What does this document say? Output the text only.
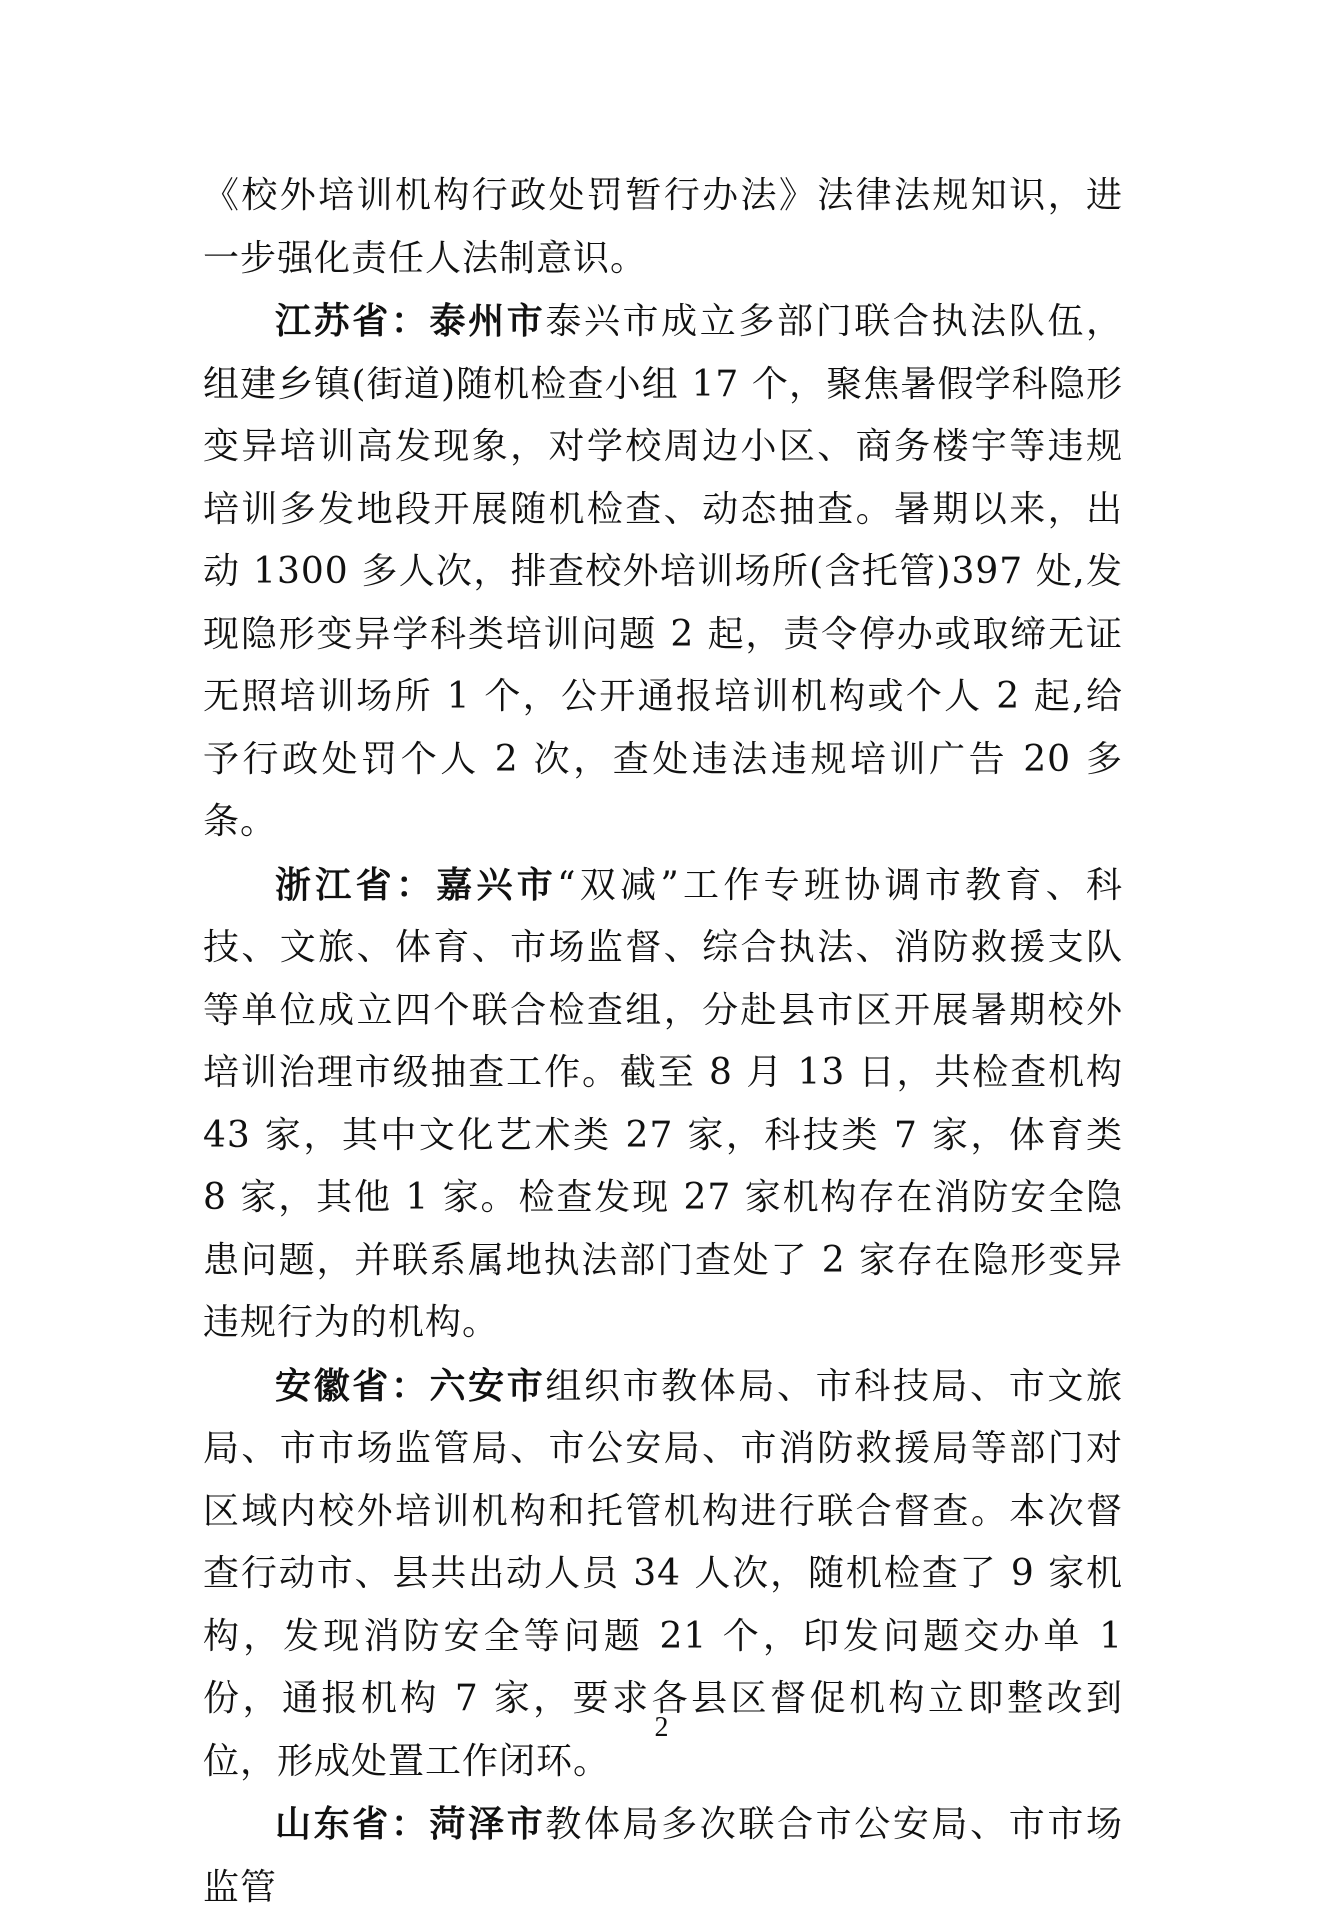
《校外培训机构行政处罚暂行办法》法律法规知识，进一步强化责任人法制意识。

江苏省：泰州市泰兴市成立多部门联合执法队伍，组建乡镇(街道)随机检查小组 17 个，聚焦暑假学科隐形变异培训高发现象，对学校周边小区、商务楼宇等违规培训多发地段开展随机检查、动态抽查。暑期以来，出动 1300 多人次，排查校外培训场所(含托管)397 处,发现隐形变异学科类培训问题 2 起，责令停办或取缔无证无照培训场所 1 个，公开通报培训机构或个人 2 起,给予行政处罚个人 2 次，查处违法违规培训广告 20 多条。

浙江省：嘉兴市“双减”工作专班协调市教育、科技、文旅、体育、市场监督、综合执法、消防救援支队等单位成立四个联合检查组，分赴县市区开展暑期校外培训治理市级抽查工作。截至 8 月 13 日，共检查机构 43 家，其中文化艺术类 27 家，科技类 7 家，体育类 8 家，其他 1 家。检查发现 27 家机构存在消防安全隐患问题，并联系属地执法部门查处了 2 家存在隐形变异违规行为的机构。

安徽省：六安市组织市教体局、市科技局、市文旅局、市市场监管局、市公安局、市消防救援局等部门对区域内校外培训机构和托管机构进行联合督查。本次督查行动市、县共出动人员 34 人次，随机检查了 9 家机构，发现消防安全等问题 21 个，印发问题交办单 1 份，通报机构 7 家，要求各县区督促机构立即整改到位，形成处置工作闭环。

山东省：菏泽市教体局多次联合市公安局、市市场监管

2
